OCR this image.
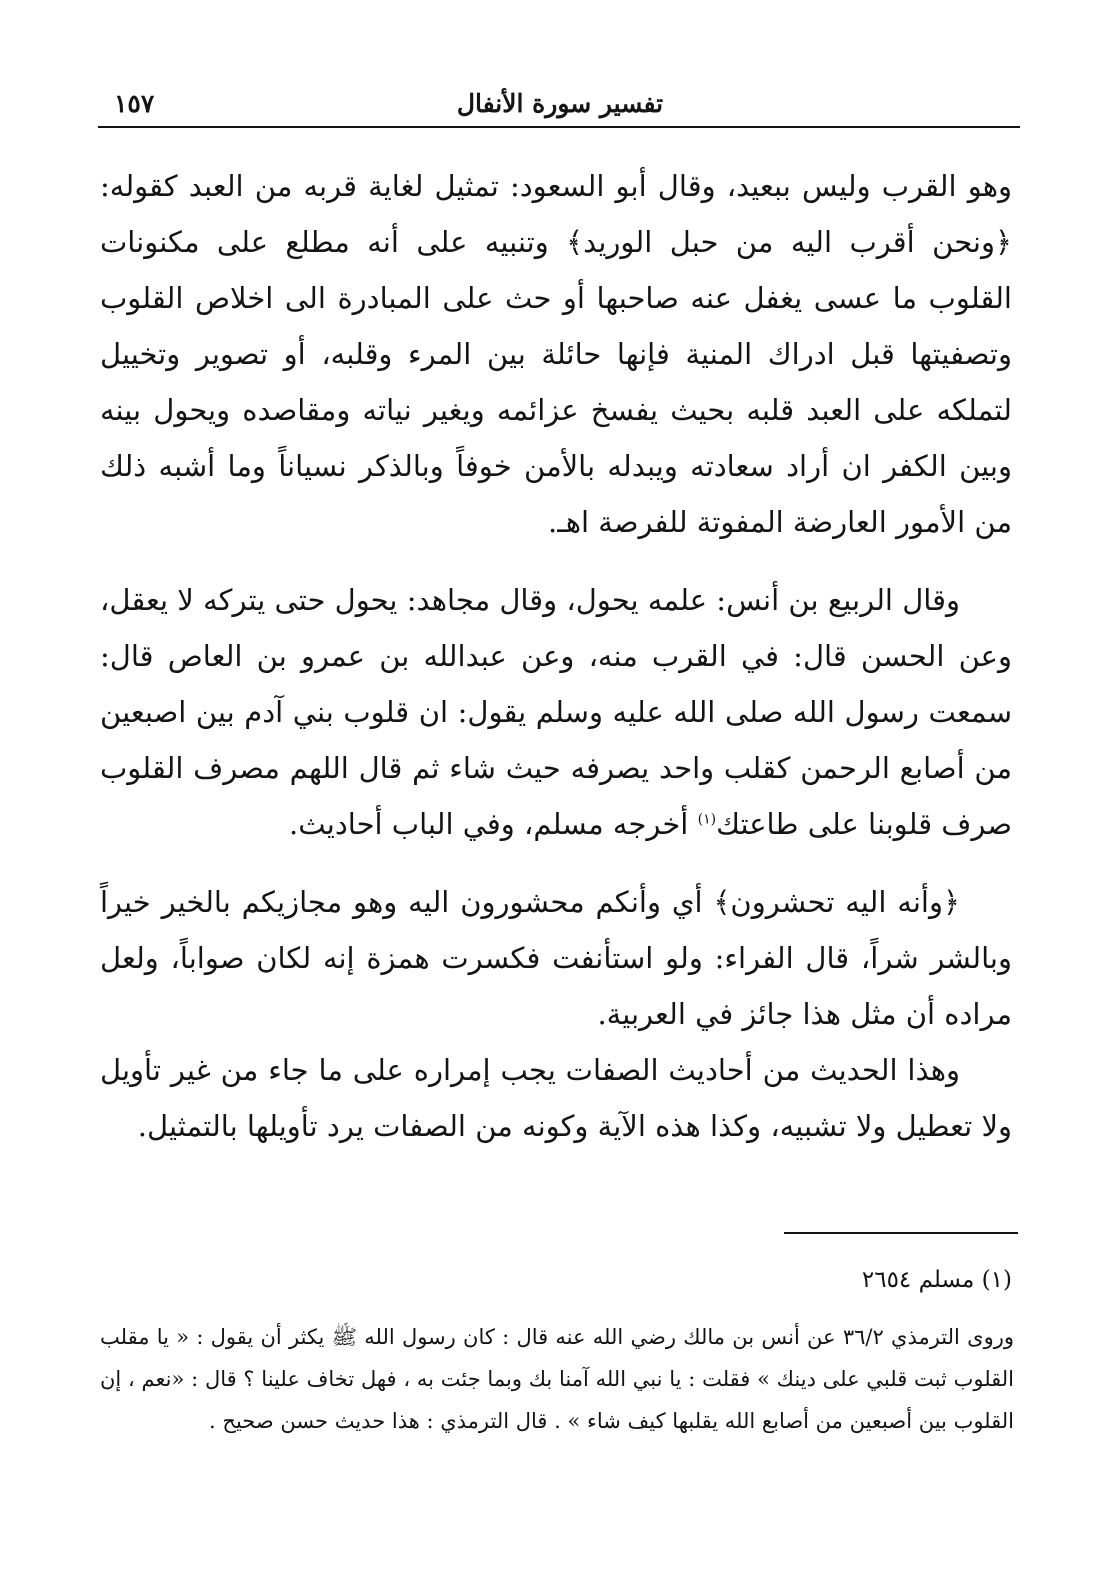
تفسير سورة الأنفال
١٥٧

وهو القرب وليس ببعيد، وقال أبو السعود: تمثيل لغاية قربه من العبد كقوله: ﴿ونحن أقرب اليه من حبل الوريد﴾ وتنبيه على أنه مطلع على مكنونات القلوب ما عسى يغفل عنه صاحبها أو حث على المبادرة الى اخلاص القلوب وتصفيتها قبل ادراك المنية فإنها حائلة بين المرء وقلبه، أو تصوير وتخييل لتملكه على العبد قلبه بحيث يفسخ عزائمه ويغير نياته ومقاصده ويحول بينه وبين الكفر ان أراد سعادته ويبدله بالأمن خوفاً وبالذكر نسياناً وما أشبه ذلك من الأمور العارضة المفوتة للفرصة اهـ.

وقال الربيع بن أنس: علمه يحول، وقال مجاهد: يحول حتى يتركه لا يعقل، وعن الحسن قال: في القرب منه، وعن عبدالله بن عمرو بن العاص قال: سمعت رسول الله صلى الله عليه وسلم يقول: ان قلوب بني آدم بين اصبعين من أصابع الرحمن كقلب واحد يصرفه حيث شاء ثم قال اللهم مصرف القلوب صرف قلوبنا على طاعتك$^{(١)}$ أخرجه مسلم، وفي الباب أحاديث.

﴿وأنه اليه تحشرون﴾ أي وأنكم محشورون اليه وهو مجازيكم بالخير خيراً وبالشر شراً، قال الفراء: ولو استأنفت فكسرت همزة إنه لكان صواباً، ولعل مراده أن مثل هذا جائز في العربية.

وهذا الحديث من أحاديث الصفات يجب إمراره على ما جاء من غير تأويل ولا تعطيل ولا تشبيه، وكذا هذه الآية وكونه من الصفات يرد تأويلها بالتمثيل.

(١) مسلم ٢٦٥٤

وروى الترمذي ٣٦/٢ عن أنس بن مالك رضي الله عنه قال : كان رسول الله ﷺ يكثر أن يقول : « يا مقلب القلوب ثبت قلبي على دينك » فقلت : يا نبي الله آمنا بك وبما جئت به ، فهل تخاف علينا ؟ قال : «نعم ، إن القلوب بين أصبعين من أصابع الله يقلبها كيف شاء » . قال الترمذي : هذا حديث حسن صحيح .
